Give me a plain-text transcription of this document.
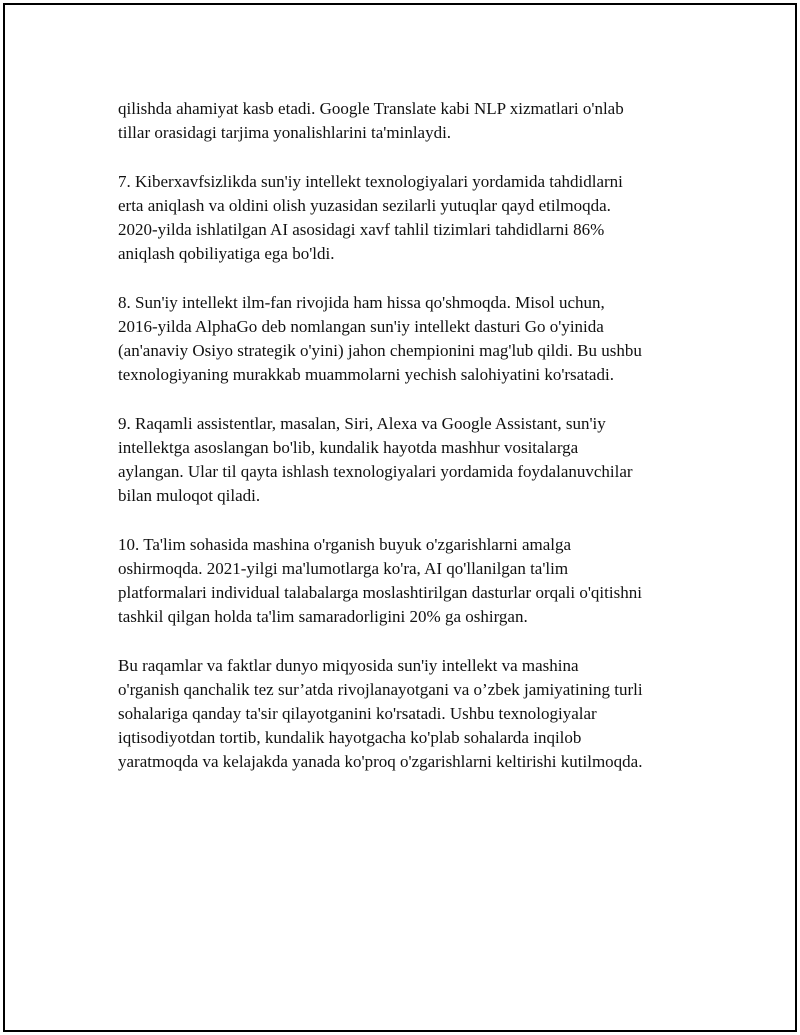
qilishda ahamiyat kasb etadi. Google Translate kabi NLP xizmatlari o'nlab
tillar orasidagi tarjima yonalishlarini ta'minlaydi.

7. Kiberxavfsizlikda sun'iy intellekt texnologiyalari yordamida tahdidlarni
erta aniqlash va oldini olish yuzasidan sezilarli yutuqlar qayd etilmoqda.
2020-yilda ishlatilgan AI asosidagi xavf tahlil tizimlari tahdidlarni 86%
aniqlash qobiliyatiga ega bo'ldi.

8. Sun'iy intellekt ilm-fan rivojida ham hissa qo'shmoqda. Misol uchun,
2016-yilda AlphaGo deb nomlangan sun'iy intellekt dasturi Go o'yinida
(an'anaviy Osiyo strategik o'yini) jahon chempionini mag'lub qildi. Bu ushbu
texnologiyaning murakkab muammolarni yechish salohiyatini ko'rsatadi.

9. Raqamli assistentlar, masalan, Siri, Alexa va Google Assistant, sun'iy
intellektga asoslangan bo'lib, kundalik hayotda mashhur vositalarga
aylangan. Ular til qayta ishlash texnologiyalari yordamida foydalanuvchilar
bilan muloqot qiladi.

10. Ta'lim sohasida mashina o'rganish buyuk o'zgarishlarni amalga
oshirmoqda. 2021-yilgi ma'lumotlarga ko'ra, AI qo'llanilgan ta'lim
platformalari individual talabalarga moslashtirilgan dasturlar orqali o'qitishni
tashkil qilgan holda ta'lim samaradorligini 20% ga oshirgan.

Bu raqamlar va faktlar dunyo miqyosida sun'iy intellekt va mashina
o'rganish qanchalik tez sur’atda rivojlanayotgani va o’zbek jamiyatining turli
sohalariga qanday ta'sir qilayotganini ko'rsatadi. Ushbu texnologiyalar
iqtisodiyotdan tortib, kundalik hayotgacha ko'plab sohalarda inqilob
yaratmoqda va kelajakda yanada ko'proq o'zgarishlarni keltirishi kutilmoqda.
